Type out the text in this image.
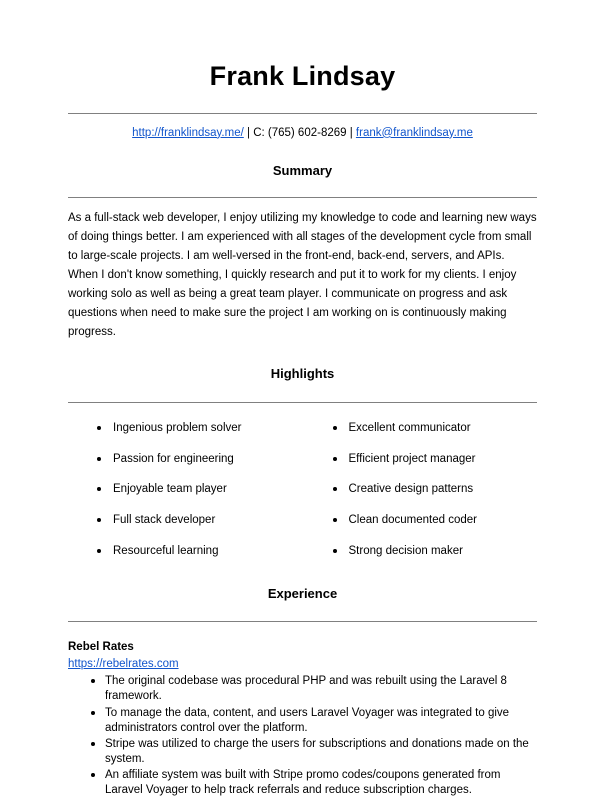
Frank Lindsay
http://franklindsay.me/ | C: (765) 602-8269 | frank@franklindsay.me
Summary

As a full-stack web developer, I enjoy utilizing my knowledge to code and learning new ways of doing things better. I am experienced with all stages of the development cycle from small to large-scale projects. I am well-versed in the front-end, back-end, servers, and APIs. When I don't know something, I quickly research and put it to work for my clients. I enjoy working solo as well as being a great team player. I communicate on progress and ask questions when need to make sure the project I am working on is continuously making progress.

Highlights
Ingenious problem solver
Passion for engineering
Enjoyable team player
Full stack developer
Resourceful learning
Excellent communicator
Efficient project manager
Creative design patterns
Clean documented coder
Strong decision maker
Experience
Rebel Rates
https://rebelrates.com
The original codebase was procedural PHP and was rebuilt using the Laravel 8 framework.
To manage the data, content, and users Laravel Voyager was integrated to give administrators control over the platform.
Stripe was utilized to charge the users for subscriptions and donations made on the system.
An affiliate system was built with Stripe promo codes/coupons generated from Laravel Voyager to help track referrals and reduce subscription charges.
